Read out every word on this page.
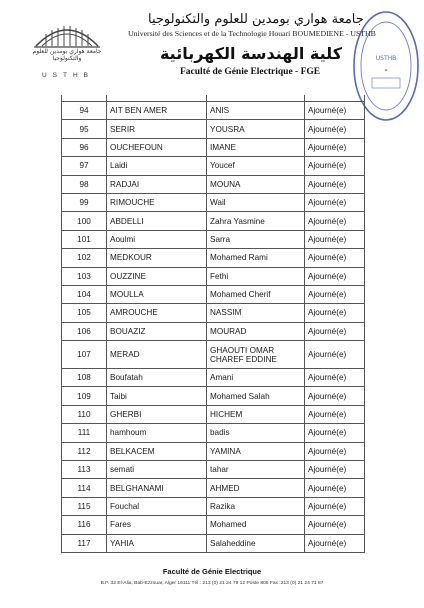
جامعة هواري بومدين للعلوم والتكنولوجيا
USTHB
جامعة هواري بومدين للعلوم والتكنولوجيا
Université des Sciences et de la Technologie Houari BOUMEDIENE - USTHB
كلية الهندسة الكهربائية
Faculté de Génie Electrique - FGE
USTHB
✶

94	AIT BEN AMER	ANIS	Ajourné(e)
95	SERIR	YOUSRA	Ajourné(e)
96	OUCHEFOUN	IMANE	Ajourné(e)
97	Laidi	Youcef	Ajourné(e)
98	RADJAI	MOUNA	Ajourné(e)
99	RIMOUCHE	Wail	Ajourné(e)
100	ABDELLI	Zahra Yasmine	Ajourné(e)
101	Aoulmi	Sarra	Ajourné(e)
102	MEDKOUR	Mohamed Rami	Ajourné(e)
103	OUZZINE	Fethi	Ajourné(e)
104	MOULLA	Mohamed Cherif	Ajourné(e)
105	AMROUCHE	NASSIM	Ajourné(e)
106	BOUAZIZ	MOURAD	Ajourné(e)
107	MERAD	GHAOUTI OMAR CHAREF EDDINE	Ajourné(e)
108	Boufatah	Amani	Ajourné(e)
109	Taibi	Mohamed Salah	Ajourné(e)
110	GHERBI	HICHEM	Ajourné(e)
111	hamhoum	badis	Ajourné(e)
112	BELKACEM	YAMINA	Ajourné(e)
113	semati	tahar	Ajourné(e)
114	BELGHANAMI	AHMED	Ajourné(e)
115	Fouchal	Razika	Ajourné(e)
116	Fares	Mohamed	Ajourné(e)
117	YAHIA	Salaheddine	Ajourné(e)
Faculté de Génie Electrique
B.P. 32 El-Alia, Bab-Ezzouar, Alger 16111 Tél : 213 (0) 21 24 79 12 Poste 805 Fax :213 (0) 21 24 71 87
